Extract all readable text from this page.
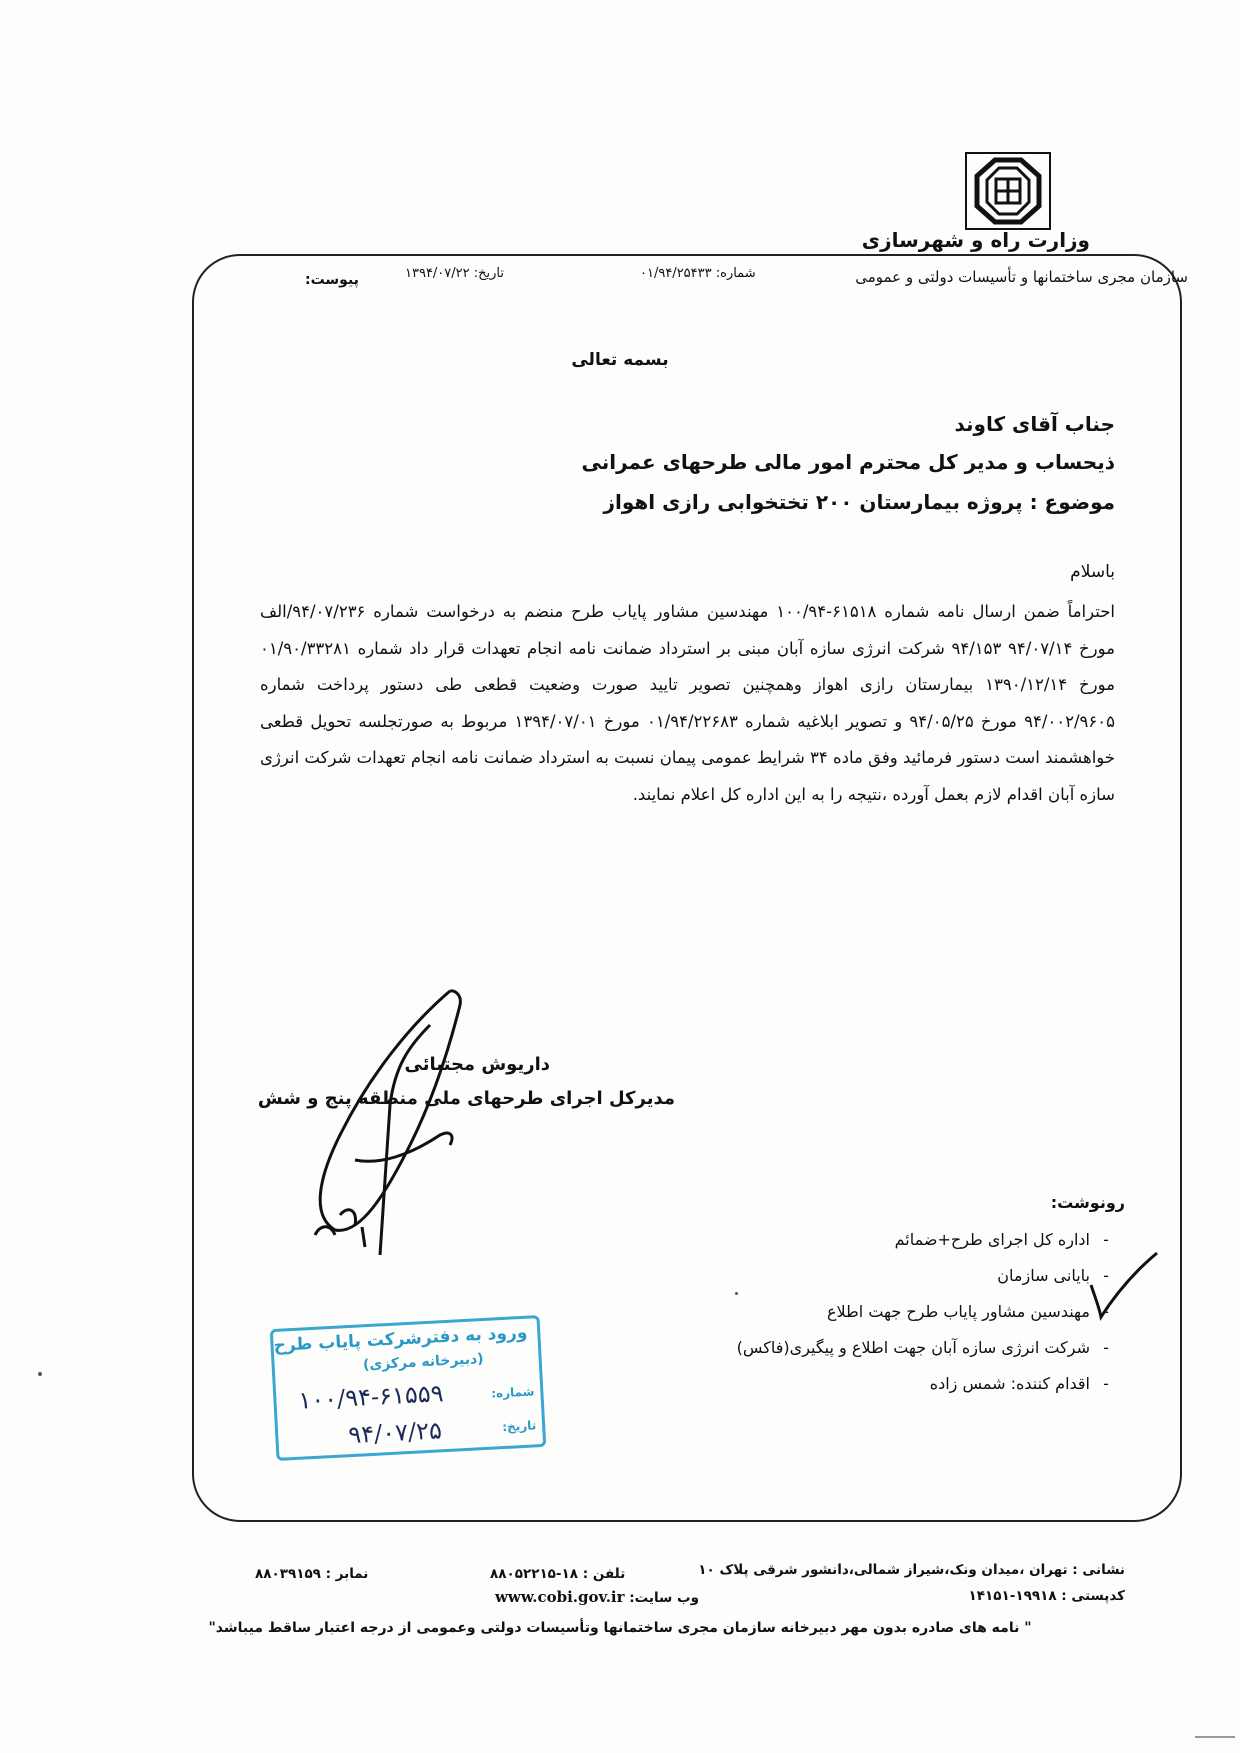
وزارت راه و شهرسازی
سازمان مجری ساختمانها و تأسیسات دولتی و عمومی
شماره: ۰۱/۹۴/۲۵۴۳۳
تاریخ: ۱۳۹۴/۰۷/۲۲
پیوست:
بسمه تعالی
جناب آقای کاوند
ذیحساب و مدیر کل محترم امور مالی طرحهای عمرانی
موضوع : پروژه بیمارستان ۲۰۰ تختخوابی رازی اهواز
باسلام
احتراماً ضمن ارسال نامه شماره ۶۱۵۱۸-۱۰۰/۹۴ مهندسین مشاور پایاب طرح منضم به درخواست شماره ۹۴/۰۷/۲۳۶/الف مورخ ۹۴/۰۷/۱۴ ۹۴/۱۵۳ شرکت انرژی سازه آبان مبنی بر استرداد ضمانت نامه انجام تعهدات قرار داد شماره ۰۱/۹۰/۳۳۲۸۱ مورخ ۱۳۹۰/۱۲/۱۴ بیمارستان رازی اهواز وهمچنین تصویر تایید صورت وضعیت قطعی طی دستور پرداخت شماره ۹۴/۰۰۲/۹۶۰۵ مورخ ۹۴/۰۵/۲۵ و تصویر ابلاغیه شماره ۰۱/۹۴/۲۲۶۸۳ مورخ ۱۳۹۴/۰۷/۰۱ مربوط به صورتجلسه تحویل قطعی خواهشمند است دستور فرمائید وفق ماده ۳۴ شرایط عمومی پیمان نسبت به استرداد ضمانت نامه انجام تعهدات شرکت انرژی سازه آبان اقدام لازم بعمل آورده ،نتیجه را به این اداره کل اعلام نمایند.
داریوش مجتبائی
مدیرکل اجرای طرحهای ملی منطقه پنج و شش
رونوشت:
-اداره کل اجرای طرح+ضمائم
-بایانی سازمان
-مهندسین مشاور پایاب طرح جهت اطلاع
-شرکت انرژی سازه آبان جهت اطلاع و پیگیری(فاکس)
-اقدام کننده: شمس زاده
ورود به دفترشرکت پایاب طرح
(دبیرخانه مرکزی)
شماره:
تاریخ:
۱۰۰/۹۴-۶۱۵۵۹
۹۴/۰۷/۲۵
نشانی : تهران ،میدان ونک،شیراز شمالی،دانشور شرقی پلاک ۱۰
کدپستی : ۱۹۹۱۸-۱۴۱۵۱
تلفن : ۱۸-۸۸۰۵۲۲۱۵
نمابر : ۸۸۰۳۹۱۵۹
وب سایت: www.cobi.gov.ir
" نامه های صادره بدون مهر دبیرخانه سازمان مجری ساختمانها وتأسیسات دولتی وعمومی از درجه اعتبار ساقط میباشد"
